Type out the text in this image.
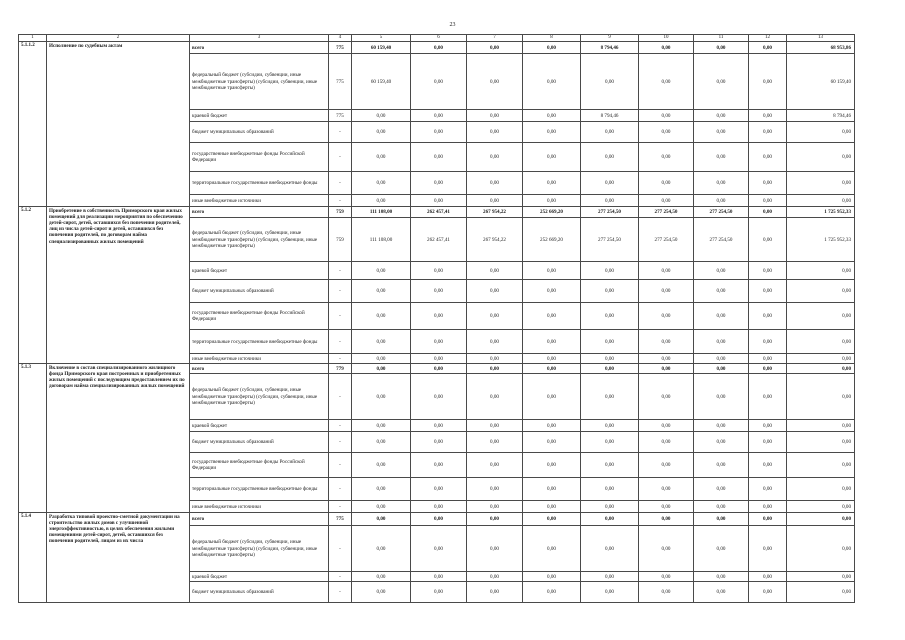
23
1	2	3	4	5	6	7	8	9	10	11	12	13
5.1.1.2	Исполнение по судебным актам	всего	775	60 159,40	0,00	0,00	0,00	8 794,46	0,00	0,00	0,00	68 953,86
		федеральный бюджет (субсидии, субвенции, иные межбюджетные трансферты) (субсидии, субвенции, иные межбюджетные трансферты)	775	60 159,40	0,00	0,00	0,00	0,00	0,00	0,00	0,00	60 159,40
		краевой бюджет	775	0,00	0,00	0,00	0,00	8 794,46	0,00	0,00	0,00	8 794,46
		бюджет муниципальных образований	-	0,00	0,00	0,00	0,00	0,00	0,00	0,00	0,00	0,00
		государственные внебюджетные фонды Российской Федерации	-	0,00	0,00	0,00	0,00	0,00	0,00	0,00	0,00	0,00
		территориальные государственные внебюджетные фонды	-	0,00	0,00	0,00	0,00	0,00	0,00	0,00	0,00	0,00
		иные внебюджетные источники	-	0,00	0,00	0,00	0,00	0,00	0,00	0,00	0,00	0,00
5.1.2	Приобретение в собственность Приморского края жилых помещений для реализации мероприятия по обеспечению детей-сирот, детей, оставшихся без попечения родителей, лиц из числа детей-сирот и детей, оставшихся без попечения родителей, по договорам найма специализированных жилых помещений	всего	759	111 108,00	262 457,41	267 954,22	252 669,20	277 254,50	277 254,50	277 254,50	0,00	1 725 952,33
		федеральный бюджет (субсидии, субвенции, иные межбюджетные трансферты) (субсидии, субвенции, иные межбюджетные трансферты)	759	111 108,00	262 457,41	267 954,22	252 669,20	277 254,50	277 254,50	277 254,50	0,00	1 725 952,33
		краевой бюджет	-	0,00	0,00	0,00	0,00	0,00	0,00	0,00	0,00	0,00
		бюджет муниципальных образований	-	0,00	0,00	0,00	0,00	0,00	0,00	0,00	0,00	0,00
		государственные внебюджетные фонды Российской Федерации	-	0,00	0,00	0,00	0,00	0,00	0,00	0,00	0,00	0,00
		территориальные государственные внебюджетные фонды	-	0,00	0,00	0,00	0,00	0,00	0,00	0,00	0,00	0,00
		иные внебюджетные источники	-	0,00	0,00	0,00	0,00	0,00	0,00	0,00	0,00	0,00
5.1.3	Включение в состав специализированного жилищного фонда Приморского края построенных и приобретенных жилых помещений с последующим предоставлением их по договорам найма специализированных жилых помещений	всего	779	0,00	0,00	0,00	0,00	0,00	0,00	0,00	0,00	0,00
		федеральный бюджет (субсидии, субвенции, иные межбюджетные трансферты) (субсидии, субвенции, иные межбюджетные трансферты)	-	0,00	0,00	0,00	0,00	0,00	0,00	0,00	0,00	0,00
		краевой бюджет	-	0,00	0,00	0,00	0,00	0,00	0,00	0,00	0,00	0,00
		бюджет муниципальных образований	-	0,00	0,00	0,00	0,00	0,00	0,00	0,00	0,00	0,00
		государственные внебюджетные фонды Российской Федерации	-	0,00	0,00	0,00	0,00	0,00	0,00	0,00	0,00	0,00
		территориальные государственные внебюджетные фонды	-	0,00	0,00	0,00	0,00	0,00	0,00	0,00	0,00	0,00
		иные внебюджетные источники	-	0,00	0,00	0,00	0,00	0,00	0,00	0,00	0,00	0,00
5.1.4	Разработка типовой проектно-сметной документации на строительство жилых домов с улучшенной энергоэффективностью, в целях обеспечения жилыми помещениями детей-сирот, детей, оставшихся без попечения родителей, лицам из их числа	всего	775	0,00	0,00	0,00	0,00	0,00	0,00	0,00	0,00	0,00
		федеральный бюджет (субсидии, субвенции, иные межбюджетные трансферты) (субсидии, субвенции, иные межбюджетные трансферты)	-	0,00	0,00	0,00	0,00	0,00	0,00	0,00	0,00	0,00
		краевой бюджет	-	0,00	0,00	0,00	0,00	0,00	0,00	0,00	0,00	0,00
		бюджет муниципальных образований	-	0,00	0,00	0,00	0,00	0,00	0,00	0,00	0,00	0,00
